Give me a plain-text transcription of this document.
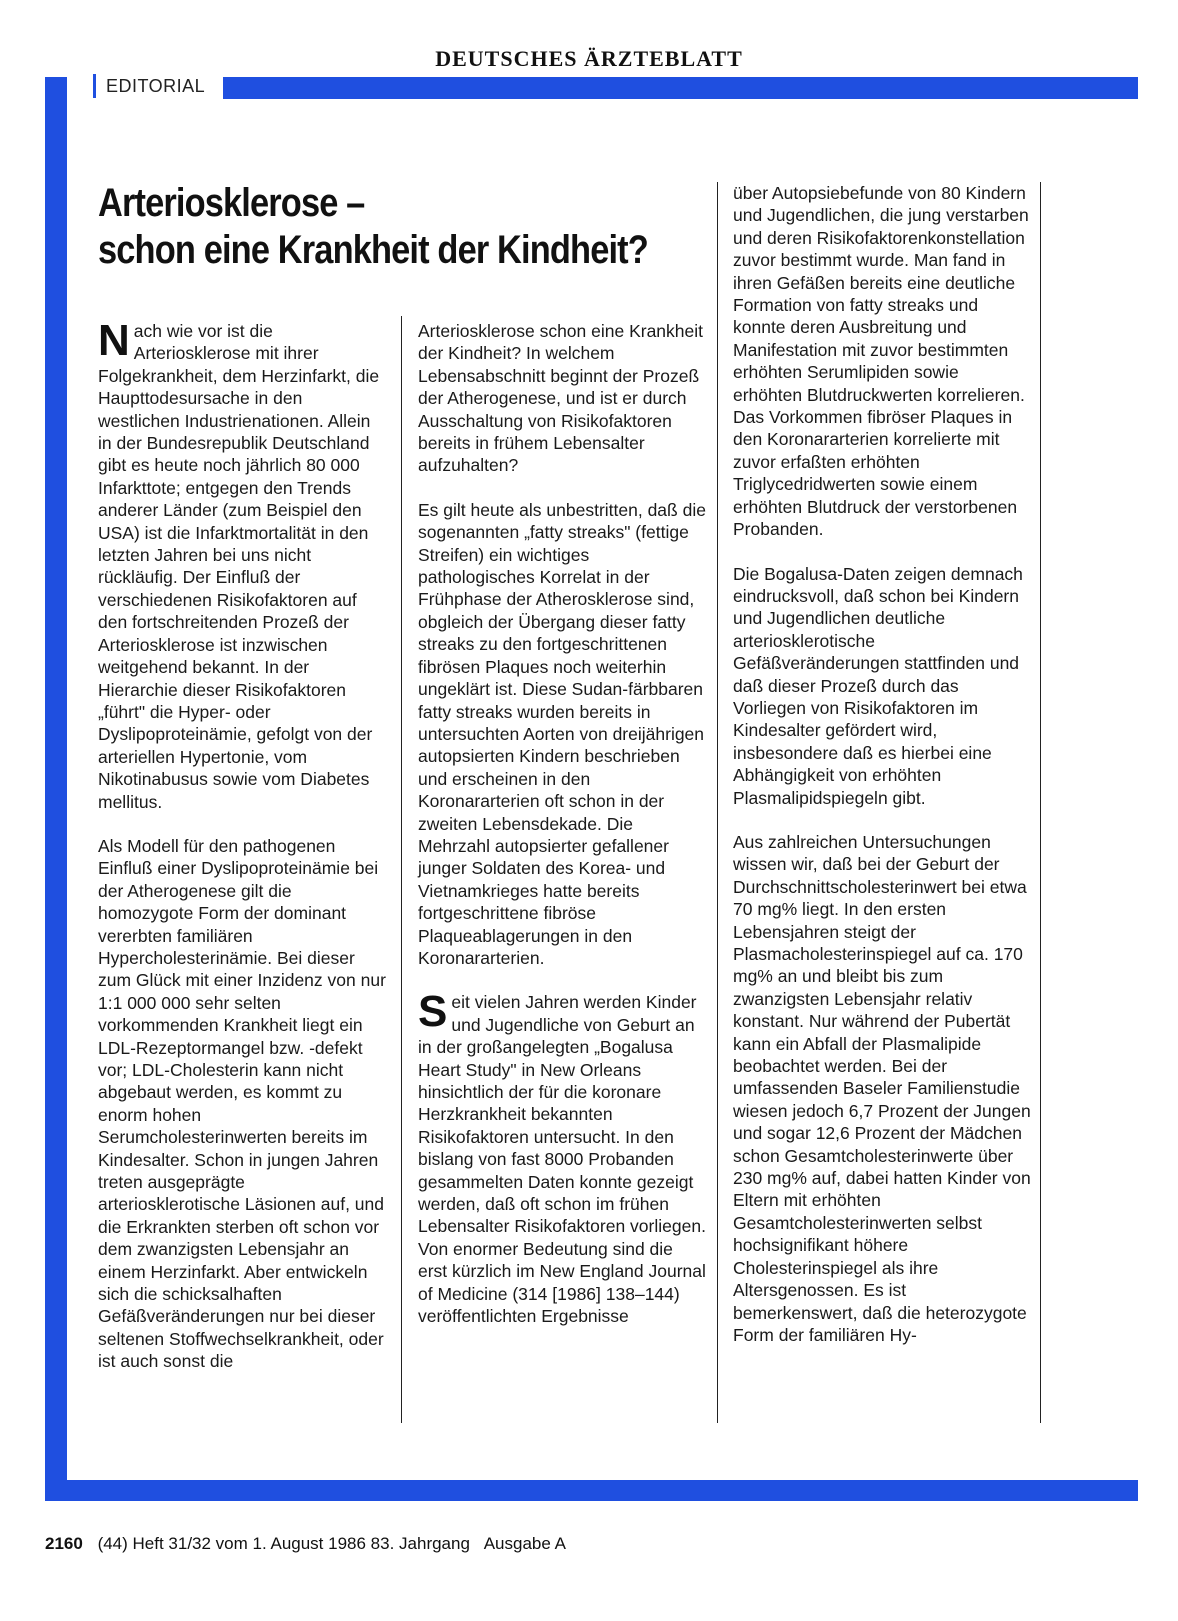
DEUTSCHES ÄRZTEBLATT
EDITORIAL
Arteriosklerose –
schon eine Krankheit der Kindheit?

Nach wie vor ist die Arteriosklerose mit ihrer Folgekrankheit, dem Herzinfarkt, die Haupttodesursache in den westlichen Industrienationen. Allein in der Bundesrepublik Deutschland gibt es heute noch jährlich 80 000 Infarkttote; entgegen den Trends anderer Länder (zum Beispiel den USA) ist die Infarktmortalität in den letzten Jahren bei uns nicht rückläufig. Der Einfluß der verschiedenen Risikofaktoren auf den fortschreitenden Prozeß der Arteriosklerose ist inzwischen weitgehend bekannt. In der Hierarchie dieser Risikofaktoren „führt" die Hyper- oder Dyslipoproteinämie, gefolgt von der arteriellen Hypertonie, vom Nikotinabusus sowie vom Diabetes mellitus.

Als Modell für den pathogenen Einfluß einer Dyslipoproteinämie bei der Atherogenese gilt die homozygote Form der dominant vererbten familiären Hypercholesterinämie. Bei dieser zum Glück mit einer Inzidenz von nur 1:1 000 000 sehr selten vorkommenden Krankheit liegt ein LDL-Rezeptormangel bzw. -defekt vor; LDL-Cholesterin kann nicht abgebaut werden, es kommt zu enorm hohen Serumcholesterinwerten bereits im Kindesalter. Schon in jungen Jahren treten ausgeprägte arteriosklerotische Läsionen auf, und die Erkrankten sterben oft schon vor dem zwanzigsten Lebensjahr an einem Herzinfarkt. Aber entwickeln sich die schicksalhaften Gefäßveränderungen nur bei dieser seltenen Stoffwechselkrankheit, oder ist auch sonst die

Arteriosklerose schon eine Krankheit der Kindheit? In welchem Lebensabschnitt beginnt der Prozeß der Atherogenese, und ist er durch Ausschaltung von Risikofaktoren bereits in frühem Lebensalter aufzuhalten?

Es gilt heute als unbestritten, daß die sogenannten „fatty streaks" (fettige Streifen) ein wichtiges pathologisches Korrelat in der Frühphase der Atherosklerose sind, obgleich der Übergang dieser fatty streaks zu den fortgeschrittenen fibrösen Plaques noch weiterhin ungeklärt ist. Diese Sudan-färbbaren fatty streaks wurden bereits in untersuchten Aorten von dreijährigen autopsierten Kindern beschrieben und erscheinen in den Koronararterien oft schon in der zweiten Lebensdekade. Die Mehrzahl autopsierter gefallener junger Soldaten des Korea- und Vietnamkrieges hatte bereits fortgeschrittene fibröse Plaqueablagerungen in den Koronararterien.

Seit vielen Jahren werden Kinder und Jugendliche von Geburt an in der großangelegten „Bogalusa Heart Study" in New Orleans hinsichtlich der für die koronare Herzkrankheit bekannten Risikofaktoren untersucht. In den bislang von fast 8000 Probanden gesammelten Daten konnte gezeigt werden, daß oft schon im frühen Lebensalter Risikofaktoren vorliegen. Von enormer Bedeutung sind die erst kürzlich im New England Journal of Medicine (314 [1986] 138–144) veröffentlichten Ergebnisse

über Autopsiebefunde von 80 Kindern und Jugendlichen, die jung verstarben und deren Risikofaktorenkonstellation zuvor bestimmt wurde. Man fand in ihren Gefäßen bereits eine deutliche Formation von fatty streaks und konnte deren Ausbreitung und Manifestation mit zuvor bestimmten erhöhten Serumlipiden sowie erhöhten Blutdruckwerten korrelieren. Das Vorkommen fibröser Plaques in den Koronararterien korrelierte mit zuvor erfaßten erhöhten Triglycedridwerten sowie einem erhöhten Blutdruck der verstorbenen Probanden.

Die Bogalusa-Daten zeigen demnach eindrucksvoll, daß schon bei Kindern und Jugendlichen deutliche arteriosklerotische Gefäßveränderungen stattfinden und daß dieser Prozeß durch das Vorliegen von Risikofaktoren im Kindesalter gefördert wird, insbesondere daß es hierbei eine Abhängigkeit von erhöhten Plasmalipidspiegeln gibt.

Aus zahlreichen Untersuchungen wissen wir, daß bei der Geburt der Durchschnittscholesterinwert bei etwa 70 mg% liegt. In den ersten Lebensjahren steigt der Plasmacholesterinspiegel auf ca. 170 mg% an und bleibt bis zum zwanzigsten Lebensjahr relativ konstant. Nur während der Pubertät kann ein Abfall der Plasmalipide beobachtet werden. Bei der umfassenden Baseler Familienstudie wiesen jedoch 6,7 Prozent der Jungen und sogar 12,6 Prozent der Mädchen schon Gesamtcholesterinwerte über 230 mg% auf, dabei hatten Kinder von Eltern mit erhöhten Gesamtcholesterinwerten selbst hochsignifikant höhere Cholesterinspiegel als ihre Altersgenossen. Es ist bemerkenswert, daß die heterozygote Form der familiären Hy-

2160 (44) Heft 31/32 vom 1. August 1986 83. Jahrgang Ausgabe A
